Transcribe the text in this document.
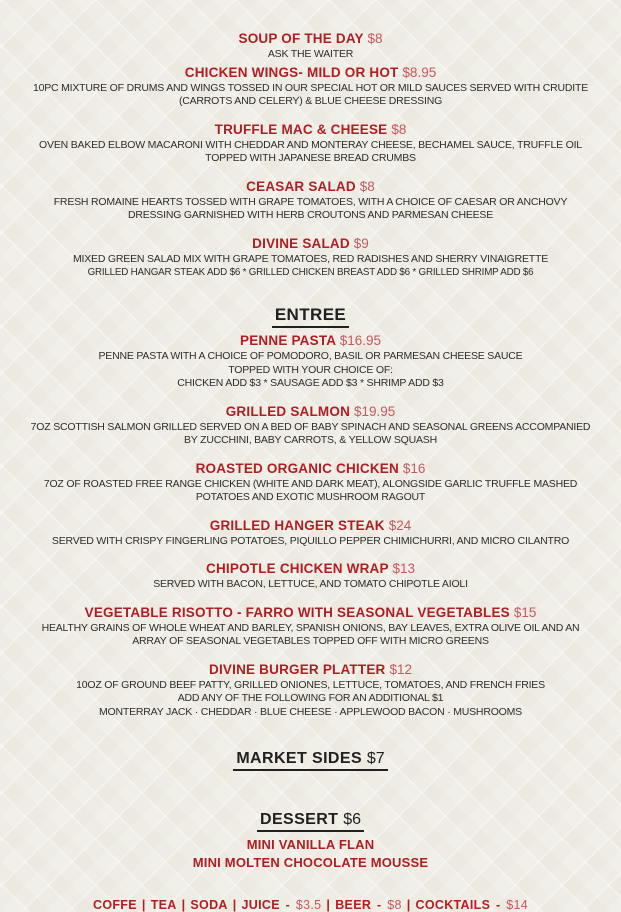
SOUP OF THE DAY $8
ASK THE WAITER
CHICKEN WINGS- MILD OR HOT $8.95
10PC MIXTURE OF DRUMS AND WINGS TOSSED IN OUR SPECIAL HOT OR MILD SAUCES SERVED WITH CRUDITE
(CARROTS AND CELERY) & BLUE CHEESE DRESSING
TRUFFLE MAC & CHEESE $8
OVEN BAKED ELBOW MACARONI WITH CHEDDAR AND MONTERAY CHEESE, BECHAMEL SAUCE, TRUFFLE OIL
TOPPED WITH JAPANESE BREAD CRUMBS
CEASAR SALAD $8
FRESH ROMAINE HEARTS TOSSED WITH GRAPE TOMATOES, WITH A CHOICE OF CAESAR OR ANCHOVY
DRESSING GARNISHED WITH HERB CROUTONS AND PARMESAN CHEESE
DIVINE SALAD $9
MIXED GREEN SALAD MIX WITH GRAPE TOMATOES, RED RADISHES AND SHERRY VINAIGRETTE
GRILLED HANGAR STEAK ADD $6 * GRILLED CHICKEN BREAST ADD $6 * GRILLED SHRIMP ADD $6
ENTREE
PENNE PASTA $16.95
PENNE PASTA WITH A CHOICE OF POMODORO, BASIL OR PARMESAN CHEESE SAUCE
TOPPED WITH YOUR CHOICE OF:
CHICKEN ADD $3 * SAUSAGE ADD $3 * SHRIMP ADD $3
GRILLED SALMON $19.95
7OZ SCOTTISH SALMON GRILLED SERVED ON A BED OF BABY SPINACH AND SEASONAL GREENS ACCOMPANIED
BY ZUCCHINI, BABY CARROTS, & YELLOW SQUASH
ROASTED ORGANIC CHICKEN $16
7OZ OF ROASTED FREE RANGE CHICKEN (WHITE AND DARK MEAT), ALONGSIDE GARLIC TRUFFLE MASHED
POTATOES AND EXOTIC MUSHROOM RAGOUT
GRILLED HANGER STEAK $24
SERVED WITH CRISPY FINGERLING POTATOES, PIQUILLO PEPPER CHIMICHURRI, AND MICRO CILANTRO
CHIPOTLE CHICKEN WRAP $13
SERVED WITH BACON, LETTUCE, AND TOMATO CHIPOTLE AIOLI
VEGETABLE RISOTTO - FARRO WITH SEASONAL VEGETABLES $15
HEALTHY GRAINS OF WHOLE WHEAT AND BARLEY, SPANISH ONIONS, BAY LEAVES, EXTRA OLIVE OIL AND AN
ARRAY OF SEASONAL VEGETABLES TOPPED OFF WITH MICRO GREENS
DIVINE BURGER PLATTER $12
10OZ OF GROUND BEEF PATTY, GRILLED ONIONES, LETTUCE, TOMATOES, AND FRENCH FRIES
ADD ANY OF THE FOLLOWING FOR AN ADDITIONAL $1
MONTERRAY JACK · CHEDDAR · BLUE CHEESE · APPLEWOOD BACON · MUSHROOMS
MARKET SIDES $7
DESSERT $6
MINI VANILLA FLAN
MINI MOLTEN CHOCOLATE MOUSSE
COFFE | TEA | SODA | JUICE - $3.5 | BEER - $8 | COCKTAILS - $14
